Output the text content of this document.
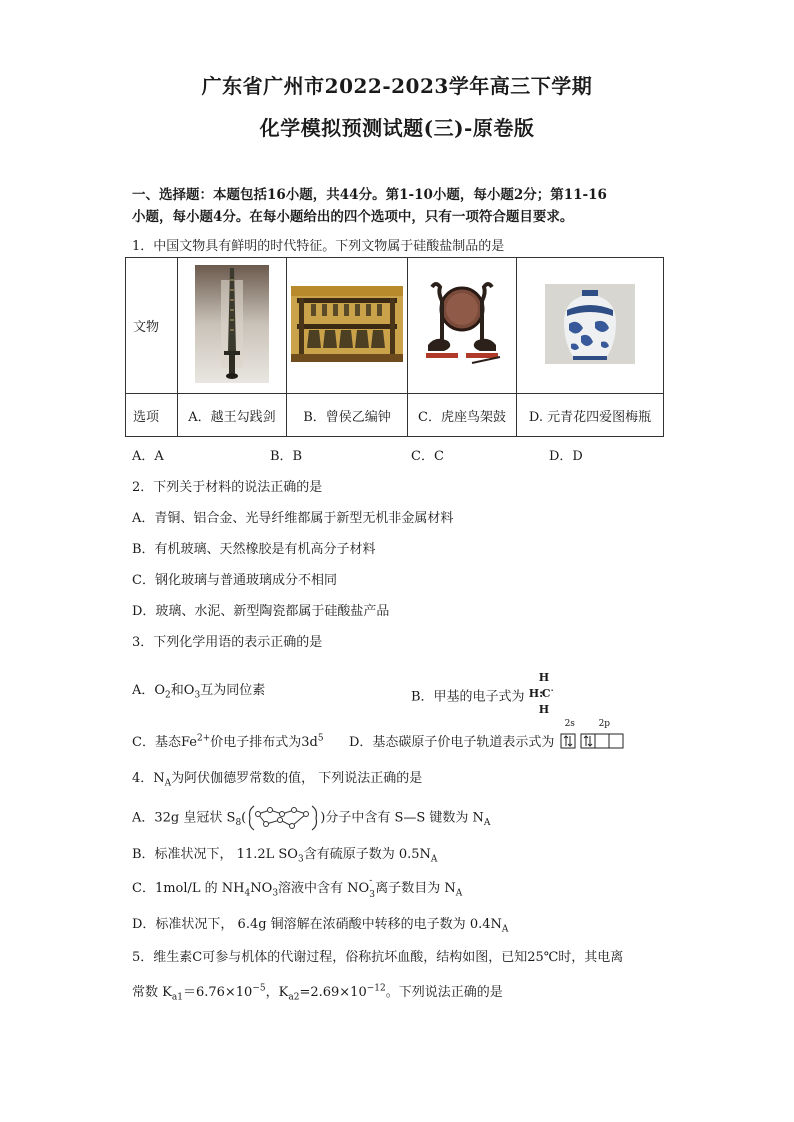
广东省广州市2022-2023学年高三下学期
化学模拟预测试题(三)-原卷版
一、选择题：本题包括16小题，共44分。第1-10小题，每小题2分；第11-16
小题，每小题4分。在每小题给出的四个选项中，只有一项符合题目要求。
1．中国文物具有鲜明的时代特征。下列文物属于硅酸盐制品的是
文物				
选项	A．越王勾践剑	B．曾侯乙编钟	C．虎座鸟架鼓	D. 元青花四爱图梅瓶
A．A	B．B	C．C	D．D
2．下列关于材料的说法正确的是
A．青铜、铝合金、光导纤维都属于新型无机非金属材料
B．有机玻璃、天然橡胶是有机高分子材料
C．钢化玻璃与普通玻璃成分不相同
D．玻璃、水泥、新型陶瓷都属于硅酸盐产品
3．下列化学用语的表示正确的是
A．$O_2$和$O_3$互为同位素	B．甲基的电子式为
H
H:
C ·
H
C．基态$Fe^{2+}$价电子排布式为$3d^5$ D．基态碳原子价电子轨道表示式为
2s	2p
4．$N_A$为阿伏伽德罗常数的值， 下列说法正确的是
A．32g 皇冠状 $S_8$(	)分子中含有 S—S 键数为 $N_A$
B．标准状况下， 11.2L $SO_3$含有硫原子数为 $0.5N_A$
C．1mol/L 的 $NH_4NO_3$溶液中含有 NO
-
3 离子数目为 $N_A$
D．标准状况下， 6.4g 铜溶解在浓硝酸中转移的电子数为 $0.4N_A$
5．维生素C可参与机体的代谢过程，俗称抗坏血酸，结构如图，已知25℃时，其电离
常数 $K_{a1}=6.76\times 10^{-5}$，$K_{a2}=2.69\times 10^{-12}$。下列说法正确的是
